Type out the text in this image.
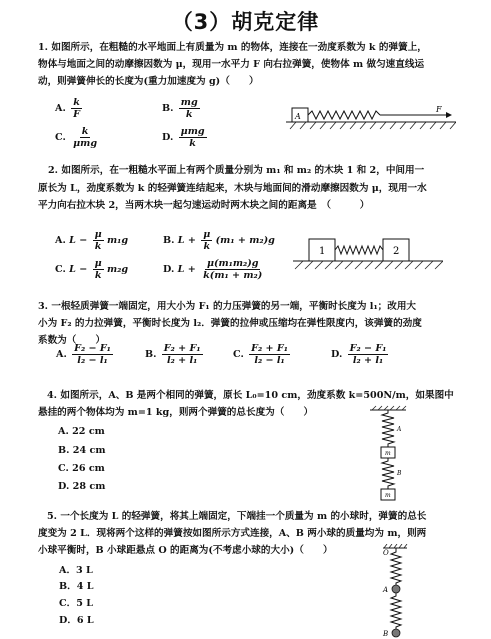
（3）胡克定律
1. 如图所示，在粗糙的水平地面上有质量为 m 的物体，连接在一劲度系数为 k 的弹簧上，
物体与地面之间的动摩擦因数为 μ，现用一水平力 F 向右拉弹簧，使物体 m 做匀速直线运
动，则弹簧伸长的长度为(重力加速度为 g)（　　）
A. $\frac{k}{F}$	B. $\frac{mg}{k}$
C. $\frac{k}{\text{μmg}}$	D. $\frac{\text{μmg}}{k}$
A
F
2. 如图所示，在一粗糙水平面上有两个质量分别为 m₁ 和 m₂ 的木块 1 和 2，中间用一
原长为 L，劲度系数为 k 的轻弹簧连结起来，木块与地面间的滑动摩擦因数为 μ，现用一水
平力向右拉木块 2，当两木块一起匀速运动时两木块之间的距离是　（　　　）
A. $L - \frac{\mu}{k} m_1g$	B. $L + \frac{\mu}{k} (m_1 + m_2)g$
C. $L - \frac{\mu}{k} m_2g$	D. $L + \frac{\text{μ(m₁m₂)g}}{\text{k(m₁ + m₂)}}$
1	2
3. 一根轻质弹簧一端固定，用大小为 F₁ 的力压弹簧的另一端，平衡时长度为 l₁；改用大
小为 F₂ 的力拉弹簧，平衡时长度为 l₂．弹簧的拉伸或压缩均在弹性限度内，该弹簧的劲度
系数为（　　）
A. $\frac{\text{F₂ − F₁}}{\text{l₂ − l₁}}$	B. $\frac{\text{F₂ + F₁}}{\text{l₂ + l₁}}$	C. $\frac{\text{F₂ + F₁}}{\text{l₂ − l₁}}$	D. $\frac{\text{F₂ − F₁}}{\text{l₂ + l₁}}$
4. 如图所示，A、B 是两个相同的弹簧，原长 L₀=10 cm，劲度系数 k=500N/m，如果图中
悬挂的两个物体均为 m=1 kg，则两个弹簧的总长度为（　　）
A. 22 cm
B. 24 cm
C. 26 cm
D. 28 cm
A
B
m
m
5. 一个长度为 L 的轻弹簧，将其上端固定，下端挂一个质量为 m 的小球时，弹簧的总长
度变为 2 L．现将两个这样的弹簧按如图所示方式连接，A、B 两小球的质量均为 m，则两
小球平衡时，B 小球距悬点 O 的距离为(不考虑小球的大小)（　　）
A．3 L
B．4 L
C．5 L
D．6 L
O
A
B
